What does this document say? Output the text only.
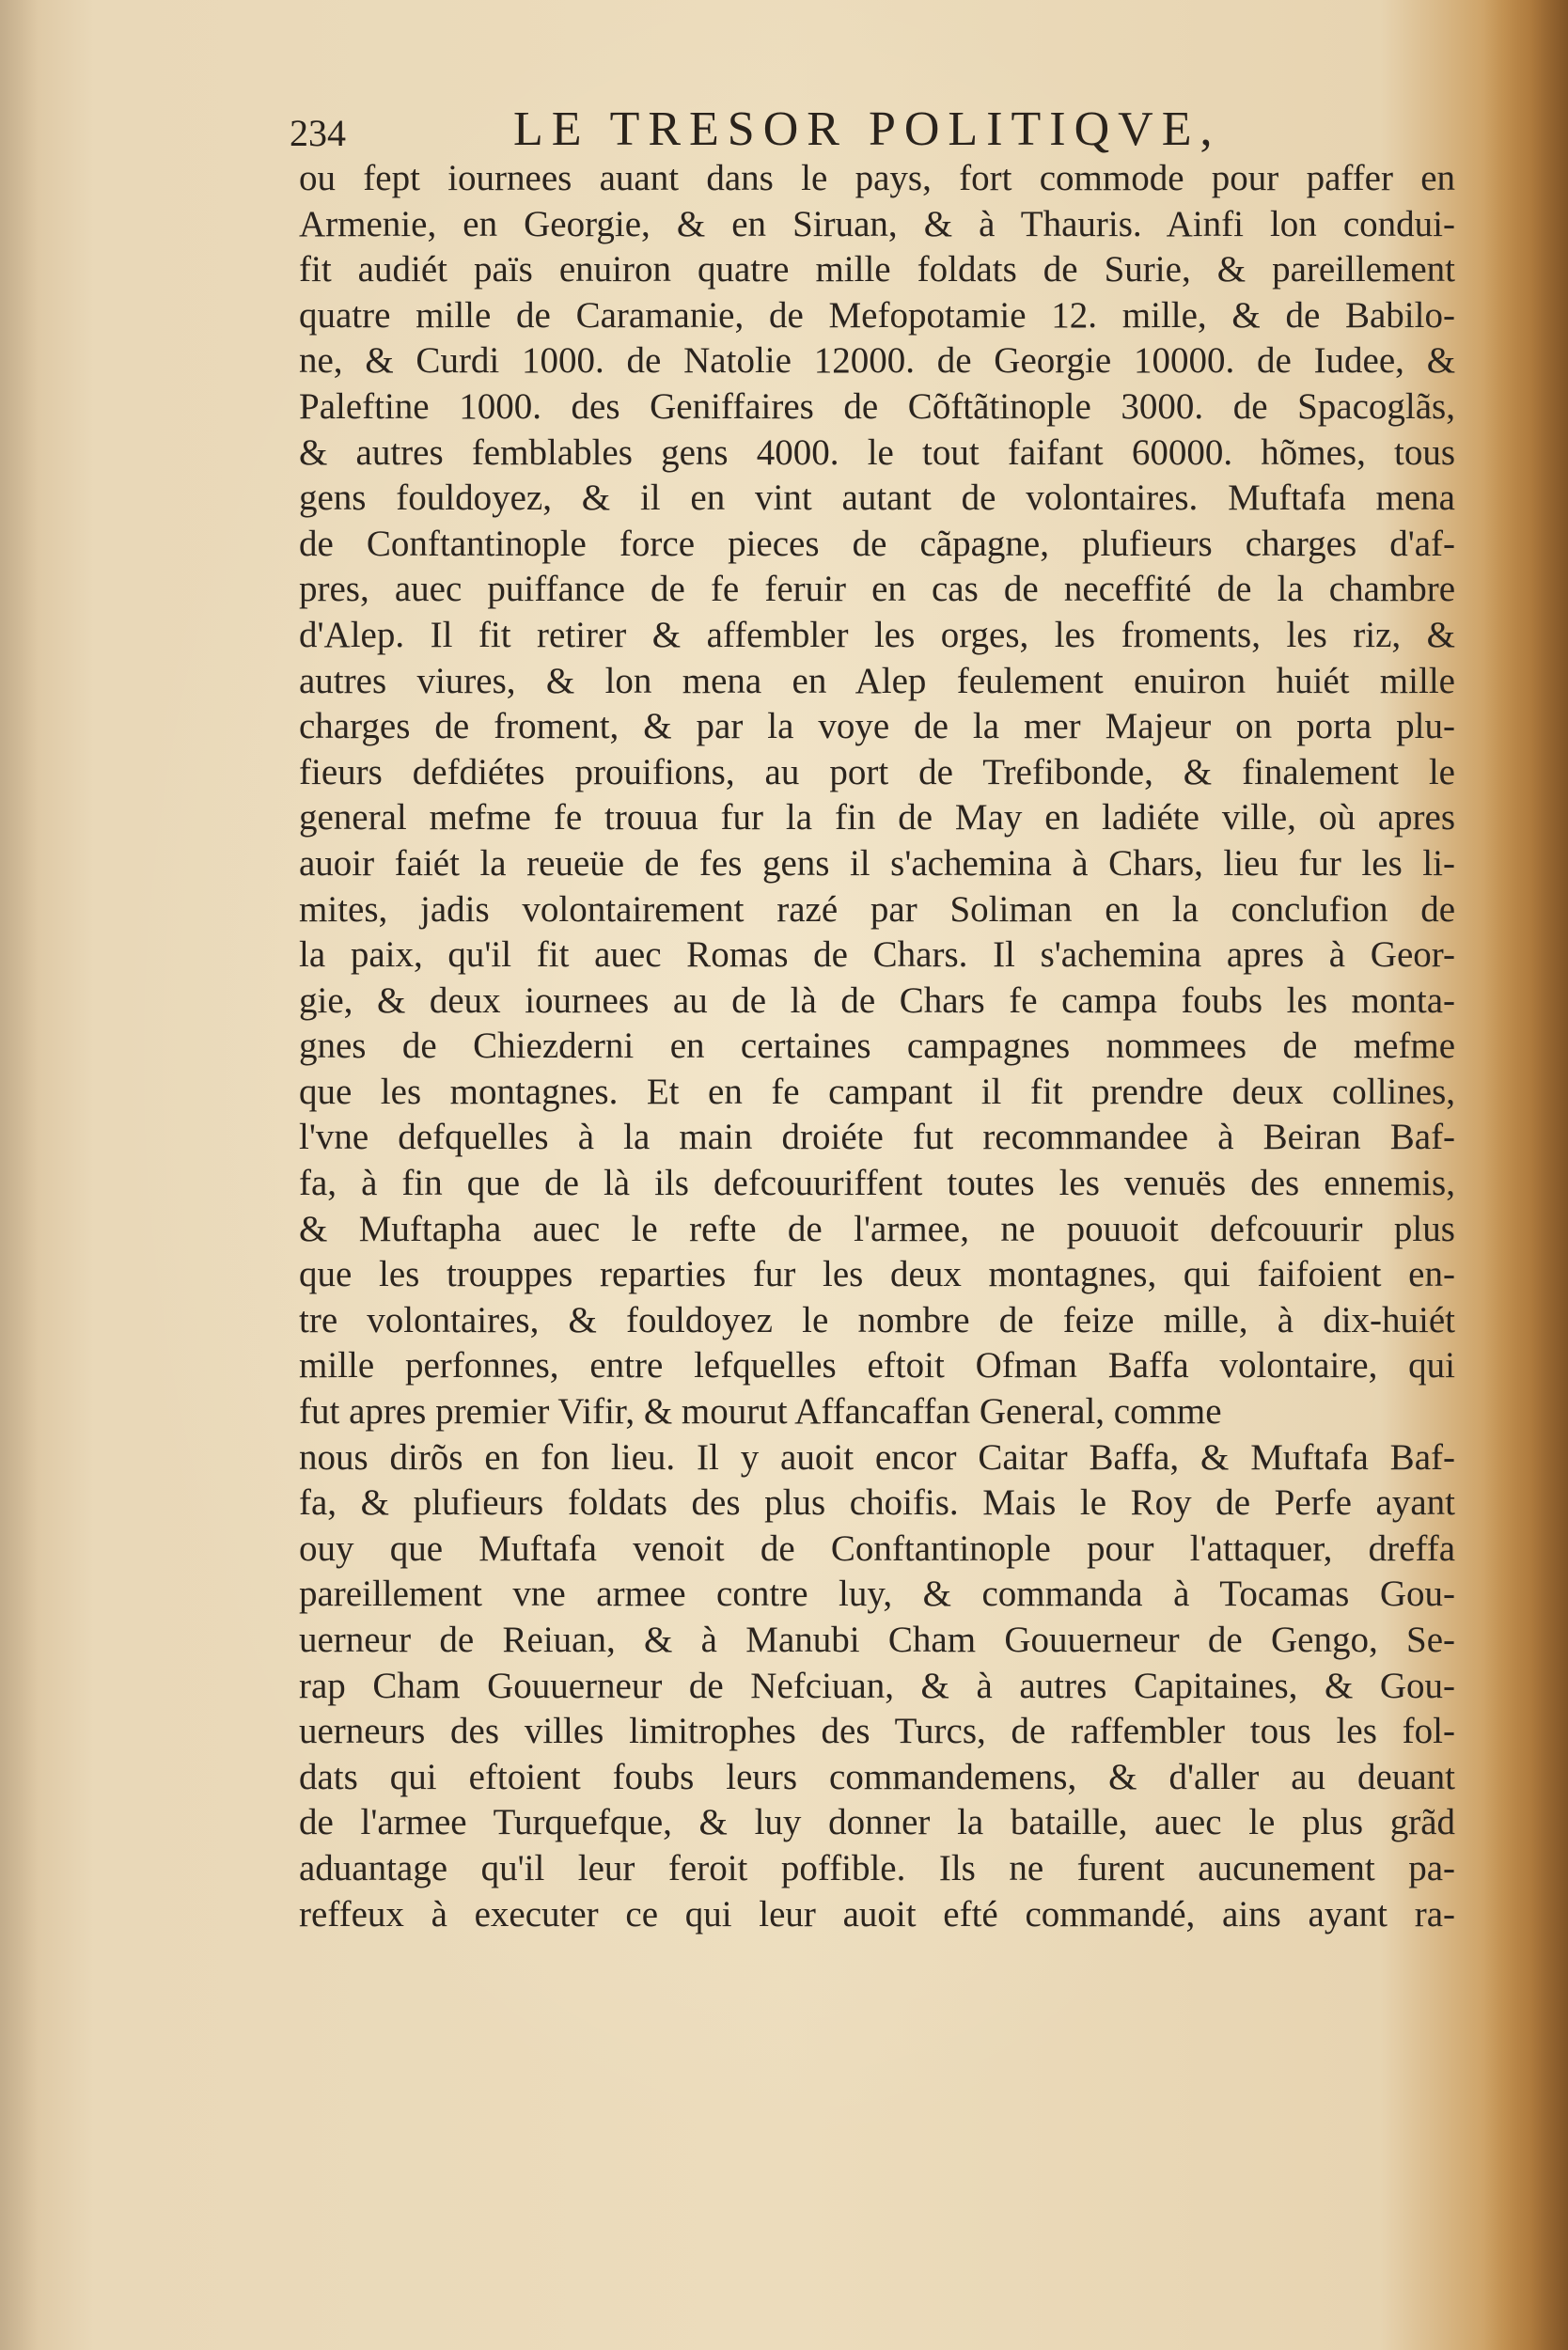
234	LE TRESOR POLITIQVE,
ou fept iournees auant dans le pays, fort commode pour paffer en
Armenie, en Georgie, & en Siruan, & à Thauris. Ainfi lon condui-
fit audiét païs enuiron quatre mille foldats de Surie, & pareillement
quatre mille de Caramanie, de Mefopotamie 12. mille, & de Babilo-
ne, & Curdi 1000. de Natolie 12000. de Georgie 10000. de Iudee, &
Paleftine 1000. des Geniffaires de Cõftãtinople 3000. de Spacoglãs,
& autres femblables gens 4000. le tout faifant 60000. hõmes, tous
gens fouldoyez, & il en vint autant de volontaires. Muftafa mena
de Conftantinople force pieces de cãpagne, plufieurs charges d'af-
pres, auec puiffance de fe feruir en cas de neceffité de la chambre
d'Alep. Il fit retirer & affembler les orges, les froments, les riz, &
autres viures, & lon mena en Alep feulement enuiron huiét mille
charges de froment, & par la voye de la mer Majeur on porta plu-
fieurs defdiétes prouifions, au port de Trefibonde, & finalement le
general mefme fe trouua fur la fin de May en ladiéte ville, où apres
auoir faiét la reueüe de fes gens il s'achemina à Chars, lieu fur les li-
mites, jadis volontairement razé par Soliman en la conclufion de
la paix, qu'il fit auec Romas de Chars. Il s'achemina apres à Geor-
gie, & deux iournees au de là de Chars fe campa foubs les monta-
gnes de Chiezderni en certaines campagnes nommees de mefme
que les montagnes. Et en fe campant il fit prendre deux collines,
l'vne defquelles à la main droiéte fut recommandee à Beiran Baf-
fa, à fin que de là ils defcouuriffent toutes les venuës des ennemis,
& Muftapha auec le refte de l'armee, ne pouuoit defcouurir plus
que les trouppes reparties fur les deux montagnes, qui faifoient en-
tre volontaires, & fouldoyez le nombre de feize mille, à dix-huiét
mille perfonnes, entre lefquelles eftoit Ofman Baffa volontaire, qui
fut apres premier Vifir, & mourut Affancaffan General, comme
nous dirõs en fon lieu. Il y auoit encor Caitar Baffa, & Muftafa Baf-
fa, & plufieurs foldats des plus choifis. Mais le Roy de Perfe ayant
ouy que Muftafa venoit de Conftantinople pour l'attaquer, dreffa
pareillement vne armee contre luy, & commanda à Tocamas Gou-
uerneur de Reiuan, & à Manubi Cham Gouuerneur de Gengo, Se-
rap Cham Gouuerneur de Nefciuan, & à autres Capitaines, & Gou-
uerneurs des villes limitrophes des Turcs, de raffembler tous les fol-
dats qui eftoient foubs leurs commandemens, & d'aller au deuant
de l'armee Turquefque, & luy donner la bataille, auec le plus grãd
aduantage qu'il leur feroit poffible. Ils ne furent aucunement pa-
reffeux à executer ce qui leur auoit efté commandé, ains ayant ra-
